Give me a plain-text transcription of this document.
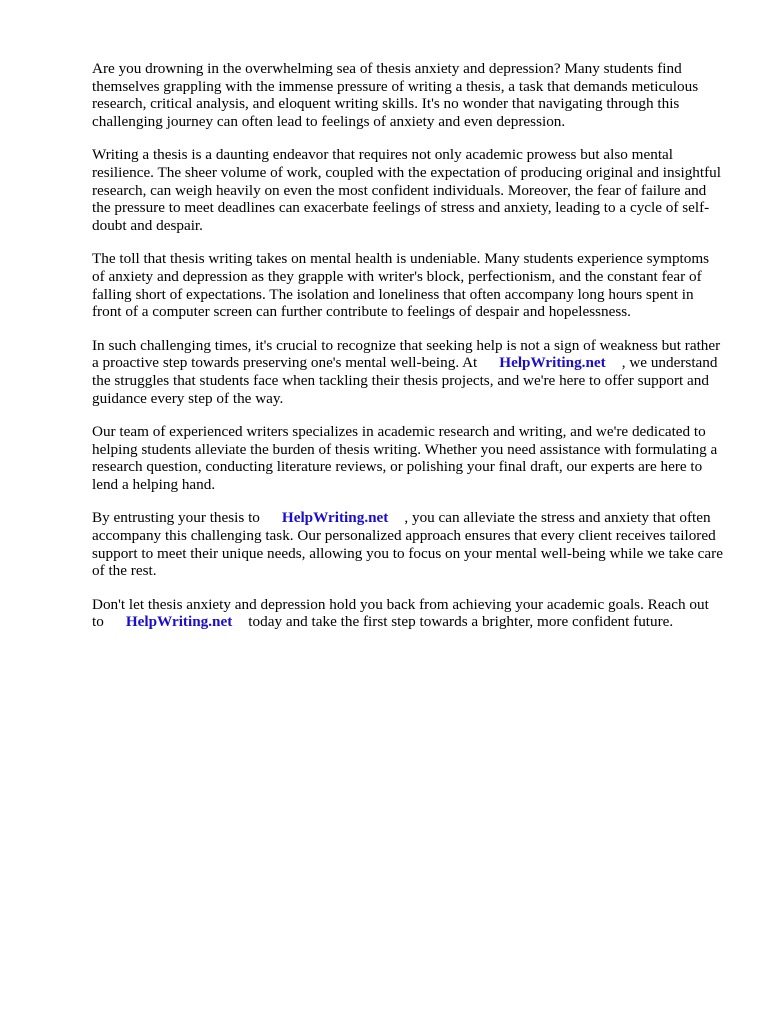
Are you drowning in the overwhelming sea of thesis anxiety and depression? Many students find themselves grappling with the immense pressure of writing a thesis, a task that demands meticulous research, critical analysis, and eloquent writing skills. It's no wonder that navigating through this challenging journey can often lead to feelings of anxiety and even depression.

Writing a thesis is a daunting endeavor that requires not only academic prowess but also mental resilience. The sheer volume of work, coupled with the expectation of producing original and insightful research, can weigh heavily on even the most confident individuals. Moreover, the fear of failure and the pressure to meet deadlines can exacerbate feelings of stress and anxiety, leading to a cycle of self-doubt and despair.

The toll that thesis writing takes on mental health is undeniable. Many students experience symptoms of anxiety and depression as they grapple with writer's block, perfectionism, and the constant fear of falling short of expectations. The isolation and loneliness that often accompany long hours spent in front of a computer screen can further contribute to feelings of despair and hopelessness.

In such challenging times, it's crucial to recognize that seeking help is not a sign of weakness but rather a proactive step towards preserving one's mental well-being. At HelpWriting.net , we understand the struggles that students face when tackling their thesis projects, and we're here to offer support and guidance every step of the way.

Our team of experienced writers specializes in academic research and writing, and we're dedicated to helping students alleviate the burden of thesis writing. Whether you need assistance with formulating a research question, conducting literature reviews, or polishing your final draft, our experts are here to lend a helping hand.

By entrusting your thesis to HelpWriting.net , you can alleviate the stress and anxiety that often accompany this challenging task. Our personalized approach ensures that every client receives tailored support to meet their unique needs, allowing you to focus on your mental well-being while we take care of the rest.

Don't let thesis anxiety and depression hold you back from achieving your academic goals. Reach out to HelpWriting.net today and take the first step towards a brighter, more confident future.
